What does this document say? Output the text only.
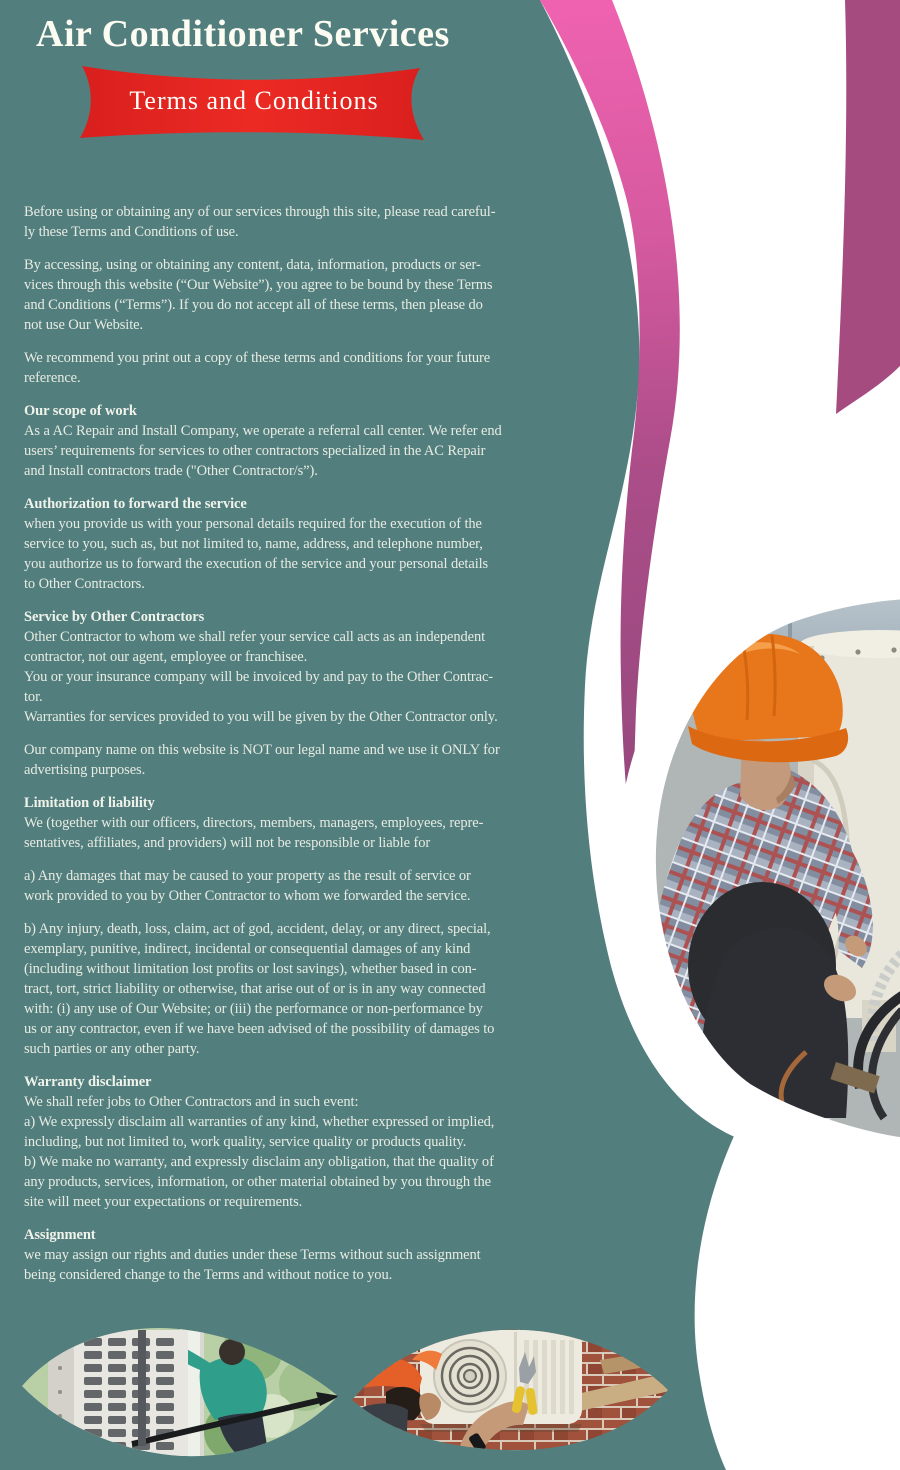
Air Conditioner Services
Terms and Conditions
Before using or obtaining any of our services through this site, please read careful-
ly these Terms and Conditions of use.
By accessing, using or obtaining any content, data, information, products or ser-
vices through this website (“Our Website”), you agree to be bound by these Terms
and Conditions (“Terms”). If you do not accept all of these terms, then please do
not use Our Website.
We recommend you print out a copy of these terms and conditions for your future
reference.
Our scope of work
As a AC Repair and Install Company, we operate a referral call center. We refer end
users’ requirements for services to other contractors specialized in the AC Repair
and Install contractors trade ("Other Contractor/s”).
Authorization to forward the service
when you provide us with your personal details required for the execution of the
service to you, such as, but not limited to, name, address, and telephone number,
you authorize us to forward the execution of the service and your personal details
to Other Contractors.
Service by Other Contractors
Other Contractor to whom we shall refer your service call acts as an independent
contractor, not our agent, employee or franchisee.
You or your insurance company will be invoiced by and pay to the Other Contrac-
tor.
Warranties for services provided to you will be given by the Other Contractor only.
Our company name on this website is NOT our legal name and we use it ONLY for
advertising purposes.
Limitation of liability
We (together with our officers, directors, members, managers, employees, repre-
sentatives, affiliates, and providers) will not be responsible or liable for
a) Any damages that may be caused to your property as the result of service or
work provided to you by Other Contractor to whom we forwarded the service.
b) Any injury, death, loss, claim, act of god, accident, delay, or any direct, special,
exemplary, punitive, indirect, incidental or consequential damages of any kind
(including without limitation lost profits or lost savings), whether based in con-
tract, tort, strict liability or otherwise, that arise out of or is in any way connected
with: (i) any use of Our Website; or (iii) the performance or non-performance by
us or any contractor, even if we have been advised of the possibility of damages to
such parties or any other party.
Warranty disclaimer
We shall refer jobs to Other Contractors and in such event:
a) We expressly disclaim all warranties of any kind, whether expressed or implied,
including, but not limited to, work quality, service quality or products quality.
b) We make no warranty, and expressly disclaim any obligation, that the quality of
any products, services, information, or other material obtained by you through the
site will meet your expectations or requirements.
Assignment
we may assign our rights and duties under these Terms without such assignment
being considered change to the Terms and without notice to you.
